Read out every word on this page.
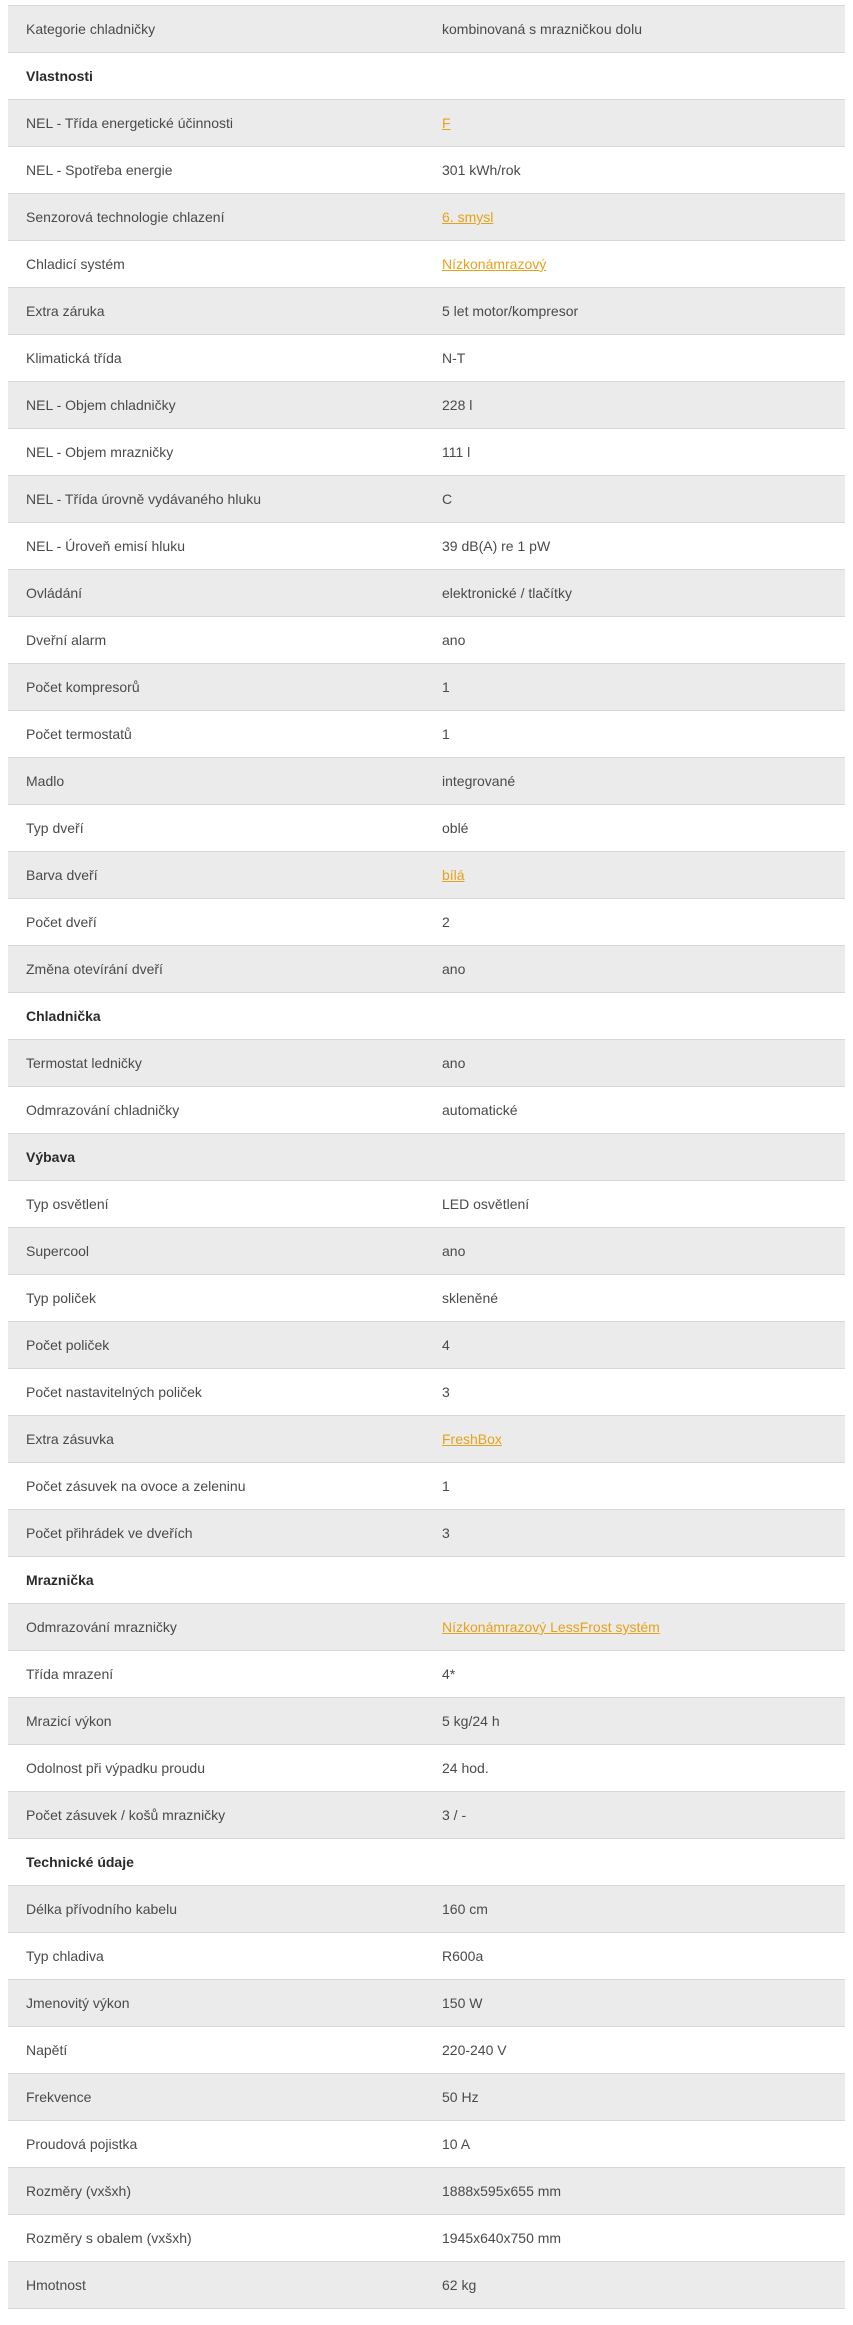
Kategorie chladničky	kombinovaná s mrazničkou dolu
Vlastnosti
NEL - Třída energetické účinnosti	F
NEL - Spotřeba energie	301 kWh/rok
Senzorová technologie chlazení	6. smysl
Chladicí systém	Nízkonámrazový
Extra záruka	5 let motor/kompresor
Klimatická třída	N-T
NEL - Objem chladničky	228 l
NEL - Objem mrazničky	111 l
NEL - Třída úrovně vydávaného hluku	C
NEL - Úroveň emisí hluku	39 dB(A) re 1 pW
Ovládání	elektronické / tlačítky
Dveřní alarm	ano
Počet kompresorů	1
Počet termostatů	1
Madlo	integrované
Typ dveří	oblé
Barva dveří	bílá
Počet dveří	2
Změna otevírání dveří	ano
Chladnička
Termostat ledničky	ano
Odmrazování chladničky	automatické
Výbava
Typ osvětlení	LED osvětlení
Supercool	ano
Typ poliček	skleněné
Počet poliček	4
Počet nastavitelných poliček	3
Extra zásuvka	FreshBox
Počet zásuvek na ovoce a zeleninu	1
Počet přihrádek ve dveřích	3
Mraznička
Odmrazování mrazničky	Nízkonámrazový LessFrost systém
Třída mrazení	4*
Mrazicí výkon	5 kg/24 h
Odolnost při výpadku proudu	24 hod.
Počet zásuvek / košů mrazničky	3 / -
Technické údaje
Délka přívodního kabelu	160 cm
Typ chladiva	R600a
Jmenovitý výkon	150 W
Napětí	220-240 V
Frekvence	50 Hz
Proudová pojistka	10 A
Rozměry (vxšxh)	1888x595x655 mm
Rozměry s obalem (vxšxh)	1945x640x750 mm
Hmotnost	62 kg
